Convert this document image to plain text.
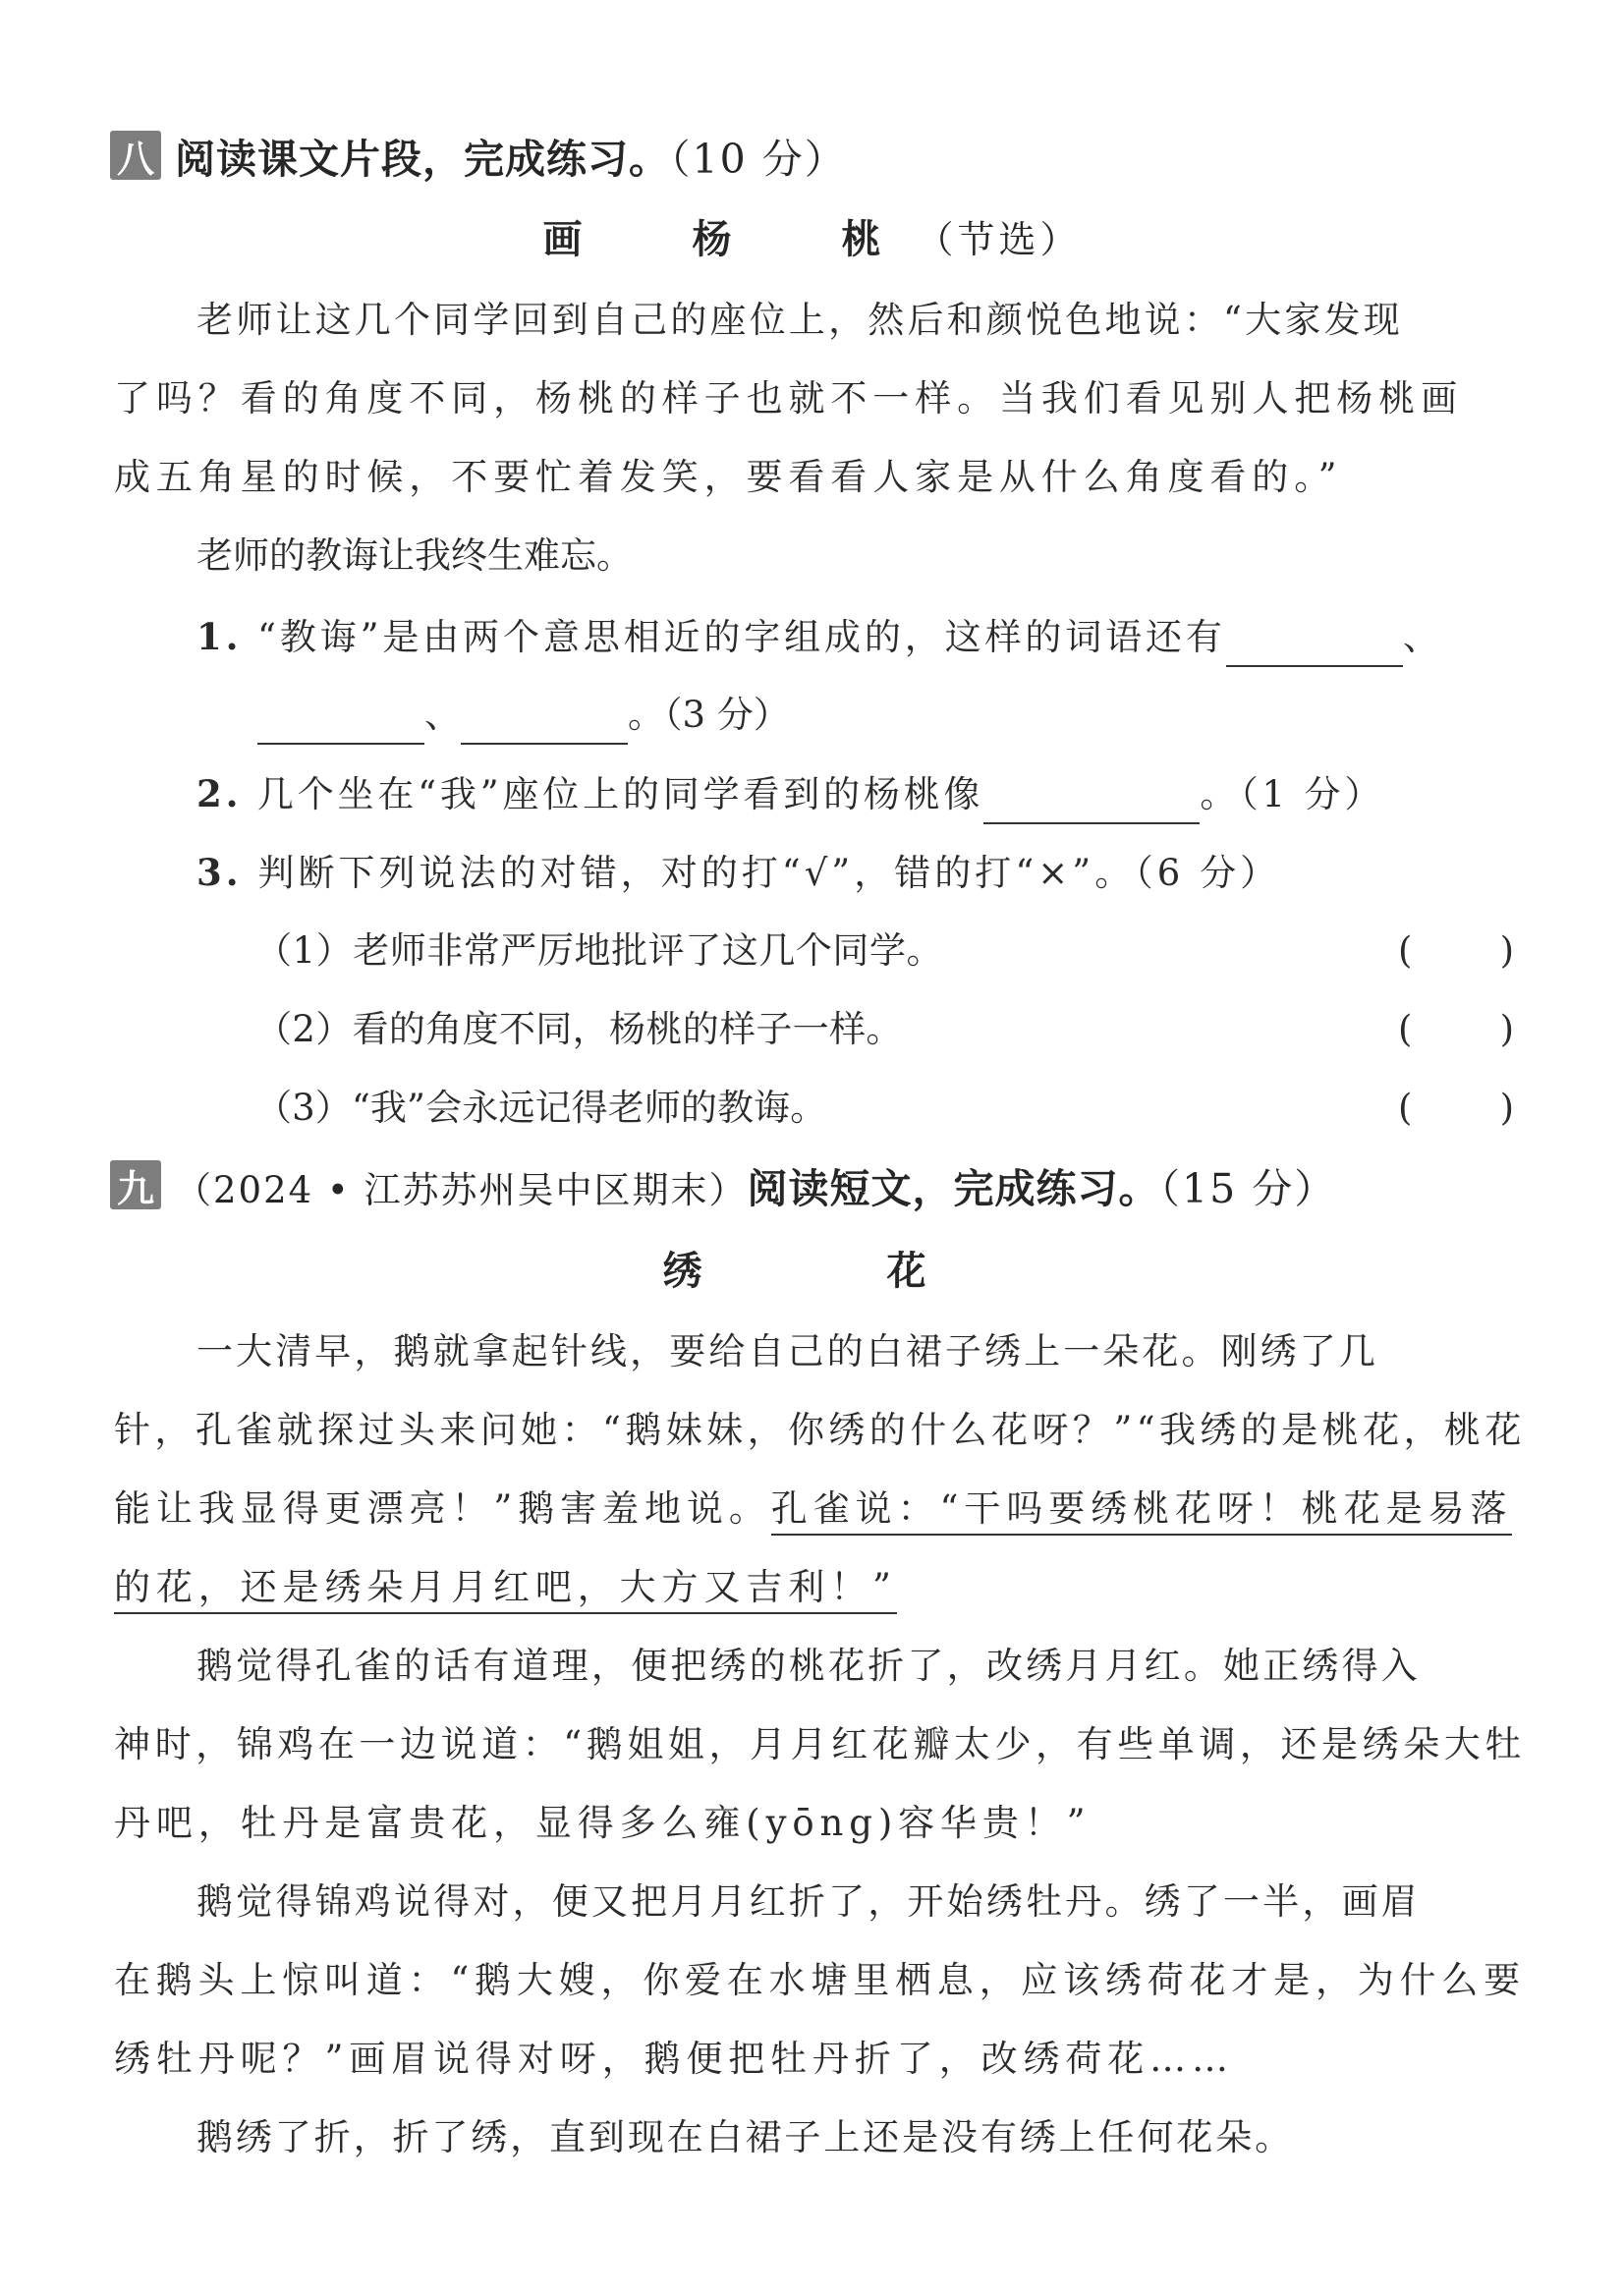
八 阅读课文片段，完成练习。（10 分）
画　杨　桃（节选）
老师让这几个同学回到自己的座位上，然后和颜悦色地说：“大家发现
了吗？看的角度不同，杨桃的样子也就不一样。当我们看见别人把杨桃画
成五角星的时候，不要忙着发笑，要看看人家是从什么角度看的。”
老师的教诲让我终生难忘。
1. “教诲”是由两个意思相近的字组成的，这样的词语还有	、
、	。（3 分）
2. 几个坐在“我”座位上的同学看到的杨桃像	。（1 分）
3. 判断下列说法的对错，对的打“√”，错的打“×”。（6 分）
（1）老师非常严厉地批评了这几个同学。	( )
（2）看的角度不同，杨桃的样子一样。	( )
（3）“我”会永远记得老师的教诲。	( )
九 （2024 • 江苏苏州吴中区期末）阅读短文，完成练习。（15 分）
绣　　花
一大清早，鹅就拿起针线，要给自己的白裙子绣上一朵花。刚绣了几
针，孔雀就探过头来问她：“鹅妹妹，你绣的什么花呀？”“我绣的是桃花，桃花
能让我显得更漂亮！”鹅害羞地说。孔雀说：“干吗要绣桃花呀！桃花是易落
的花，还是绣朵月月红吧，大方又吉利！”
鹅觉得孔雀的话有道理，便把绣的桃花折了，改绣月月红。她正绣得入
神时，锦鸡在一边说道：“鹅姐姐，月月红花瓣太少，有些单调，还是绣朵大牡
丹吧，牡丹是富贵花，显得多么雍(yōng)容华贵！”
鹅觉得锦鸡说得对，便又把月月红折了，开始绣牡丹。绣了一半，画眉
在鹅头上惊叫道：“鹅大嫂，你爱在水塘里栖息，应该绣荷花才是，为什么要
绣牡丹呢？”画眉说得对呀，鹅便把牡丹折了，改绣荷花……
鹅绣了折，折了绣，直到现在白裙子上还是没有绣上任何花朵。
